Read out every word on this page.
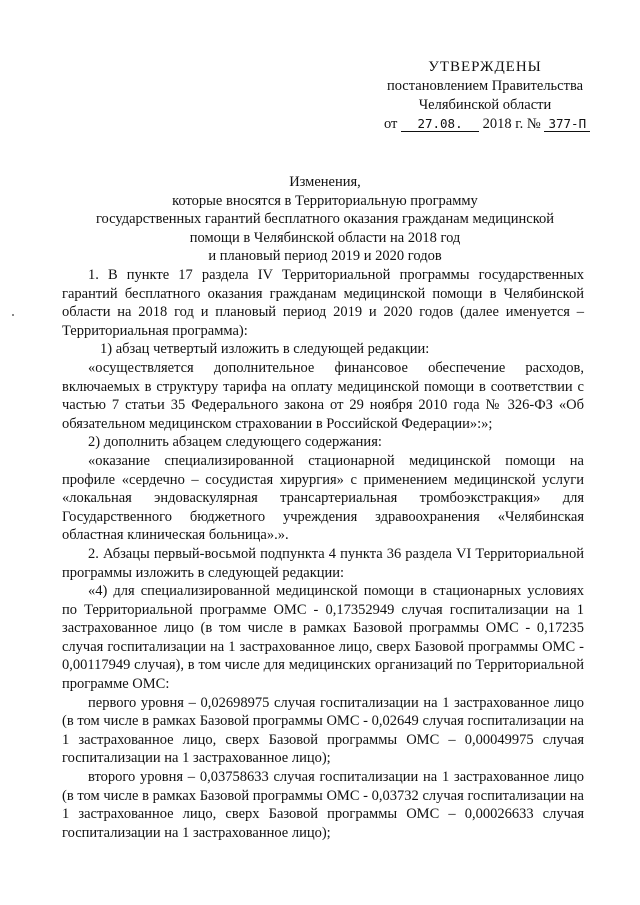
УТВЕРЖДЕНЫ
постановлением Правительства
Челябинской области
от 27.08. 2018 г. № 377-П
Изменения,
которые вносятся в Территориальную программу
государственных гарантий бесплатного оказания гражданам медицинской
помощи в Челябинской области на 2018 год
и плановый период 2019 и 2020 годов

1. В пункте 17 раздела IV Территориальной программы государственных гарантий бесплатного оказания гражданам медицинской помощи в Челябинской области на 2018 год и плановый период 2019 и 2020 годов (далее именуется – Территориальная программа):

1) абзац четвертый изложить в следующей редакции:

«осуществляется дополнительное финансовое обеспечение расходов, включаемых в структуру тарифа на оплату медицинской помощи в соответствии с частью 7 статьи 35 Федерального закона от 29 ноября 2010 года № 326-ФЗ «Об обязательном медицинском страховании в Российской Федерации»:»;

2) дополнить абзацем следующего содержания:

«оказание специализированной стационарной медицинской помощи на профиле «сердечно – сосудистая хирургия» с применением медицинской услуги «локальная эндоваскулярная трансартериальная тромбоэкстракция» для Государственного бюджетного учреждения здравоохранения «Челябинская областная клиническая больница».».

2. Абзацы первый-восьмой подпункта 4 пункта 36 раздела VI Территориальной программы изложить в следующей редакции:

«4) для специализированной медицинской помощи в стационарных условиях по Территориальной программе ОМС - 0,17352949 случая госпитализации на 1 застрахованное лицо (в том числе в рамках Базовой программы ОМС - 0,17235 случая госпитализации на 1 застрахованное лицо, сверх Базовой программы ОМС - 0,00117949 случая), в том числе для медицинских организаций по Территориальной программе ОМС:

первого уровня – 0,02698975 случая госпитализации на 1 застрахованное лицо (в том числе в рамках Базовой программы ОМС - 0,02649 случая госпитализации на 1 застрахованное лицо, сверх Базовой программы ОМС – 0,00049975 случая госпитализации на 1 застрахованное лицо);

второго уровня – 0,03758633 случая госпитализации на 1 застрахованное лицо (в том числе в рамках Базовой программы ОМС - 0,03732 случая госпитализации на 1 застрахованное лицо, сверх Базовой программы ОМС – 0,00026633 случая госпитализации на 1 застрахованное лицо);
